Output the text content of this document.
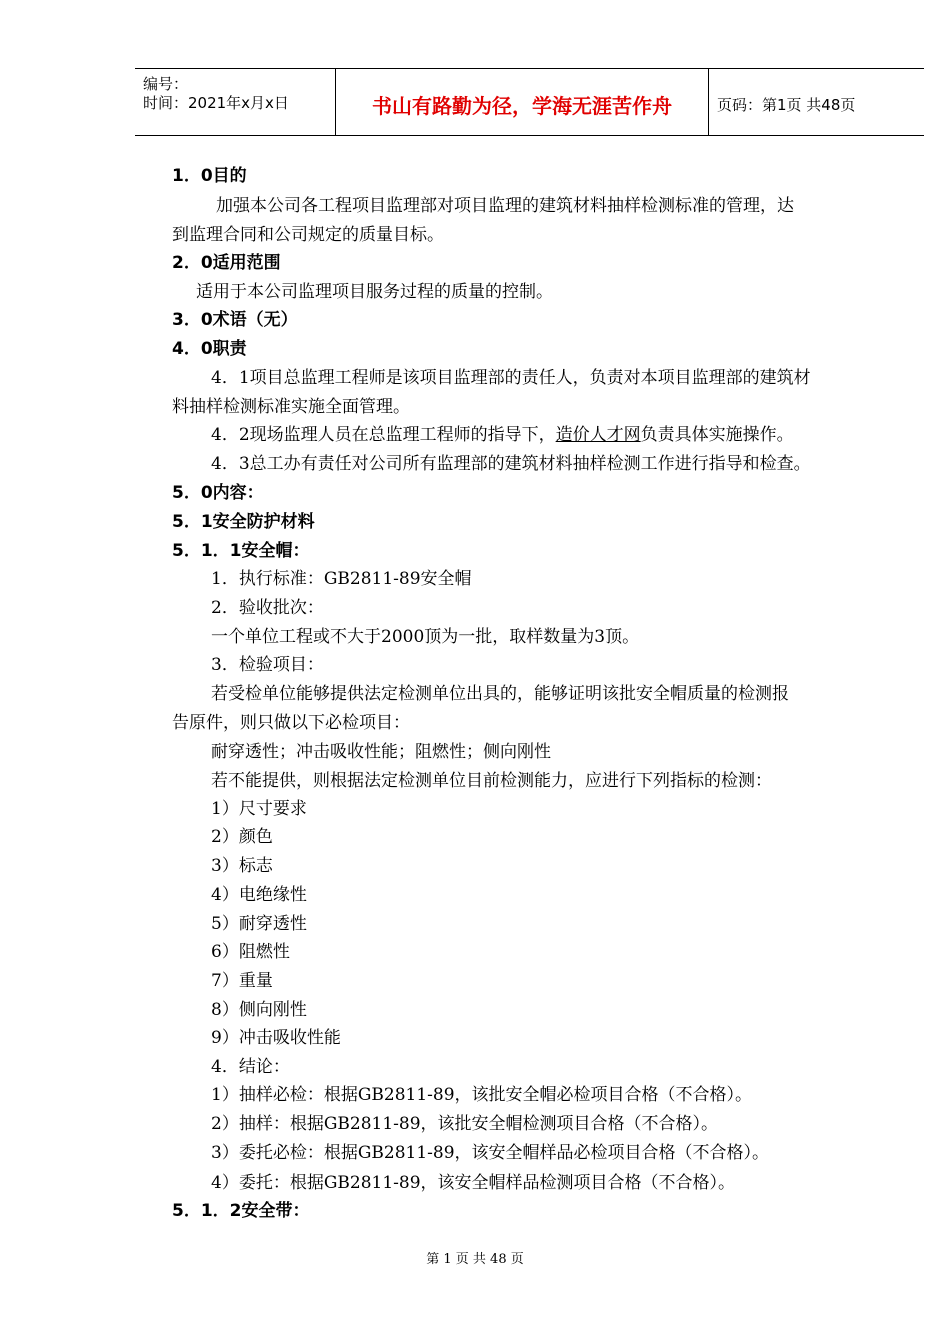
编号：
时间：2021年x月x日	书山有路勤为径，学海无涯苦作舟	页码：第1页 共48页
1．0目的
加强本公司各工程项目监理部对项目监理的建筑材料抽样检测标准的管理，达
到监理合同和公司规定的质量目标。
2．0适用范围
适用于本公司监理项目服务过程的质量的控制。
3．0术语（无）
4．0职责
4．1项目总监理工程师是该项目监理部的责任人，负责对本项目监理部的建筑材
料抽样检测标准实施全面管理。
4．2现场监理人员在总监理工程师的指导下，造价人才网负责具体实施操作。
4．3总工办有责任对公司所有监理部的建筑材料抽样检测工作进行指导和检查。
5．0内容：
5．1安全防护材料
5．1．1安全帽：
1．执行标准：GB2811-89安全帽
2．验收批次：
一个单位工程或不大于2000顶为一批，取样数量为3顶。
3．检验项目：
若受检单位能够提供法定检测单位出具的，能够证明该批安全帽质量的检测报
告原件，则只做以下必检项目：
耐穿透性；冲击吸收性能；阻燃性；侧向刚性
若不能提供，则根据法定检测单位目前检测能力，应进行下列指标的检测：
1）尺寸要求
2）颜色
3）标志
4）电绝缘性
5）耐穿透性
6）阻燃性
7）重量
8）侧向刚性
9）冲击吸收性能
4．结论：
1）抽样必检：根据GB2811-89，该批安全帽必检项目合格（不合格）。
2）抽样：根据GB2811-89，该批安全帽检测项目合格（不合格）。
3）委托必检：根据GB2811-89，该安全帽样品必检项目合格（不合格）。
4）委托：根据GB2811-89，该安全帽样品检测项目合格（不合格）。
5．1．2安全带：
第 1 页 共 48 页
